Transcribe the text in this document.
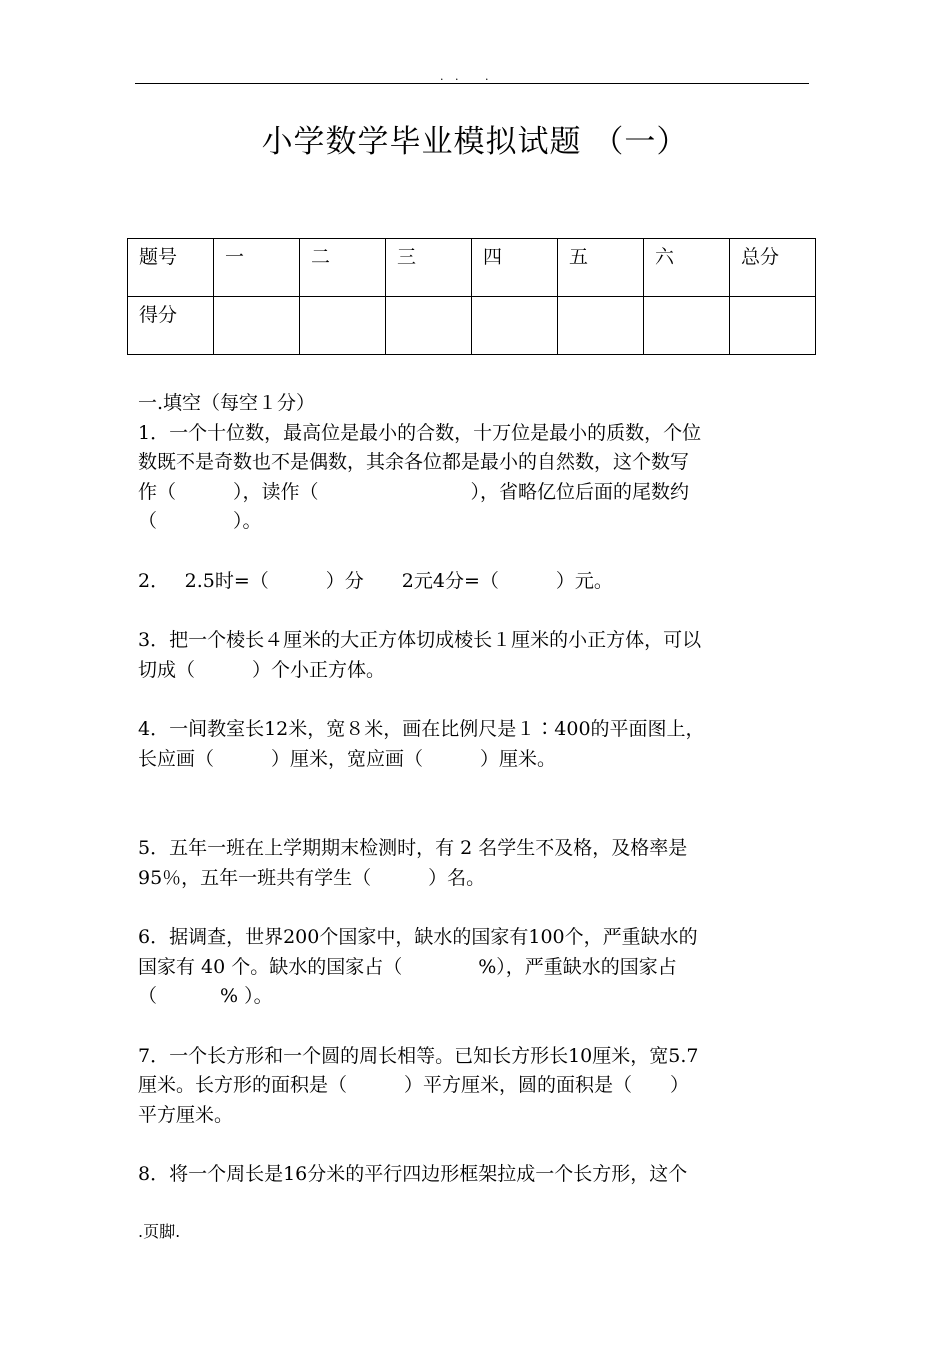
. .   .
小学数学毕业模拟试题 （一）
题号	一	二	三	四	五	六	总分
得分							

一.填空（每空１分）

1．一个十位数，最高位是最小的合数，十万位是最小的质数，个位

数既不是奇数也不是偶数，其余各位都是最小的自然数，这个数写

作（　　　），读作（　　　　　　　　），省略亿位后面的尾数约

（　　　　）。

2．　 2.5时=（　　　）分　　2元4分=（　　　）元。

3．把一个棱长４厘米的大正方体切成棱长１厘米的小正方体，可以

切成（　　　）个小正方体。

4．一间教室长12米，宽８米，画在比例尺是１∶400的平面图上，

长应画（　　　）厘米，宽应画（　　　）厘米。

5．五年一班在上学期期末检测时，有 2 名学生不及格，及格率是

95％，五年一班共有学生（　　　）名。

6．据调查，世界200个国家中，缺水的国家有100个，严重缺水的

国家有 40 个。缺水的国家占（　　　　%），严重缺水的国家占

（　　　 % ）。

7．一个长方形和一个圆的周长相等。已知长方形长10厘米，宽5.7

厘米。长方形的面积是（　　　）平方厘米，圆的面积是（　　）

平方厘米。

8．将一个周长是16分米的平行四边形框架拉成一个长方形，这个

.页脚.
